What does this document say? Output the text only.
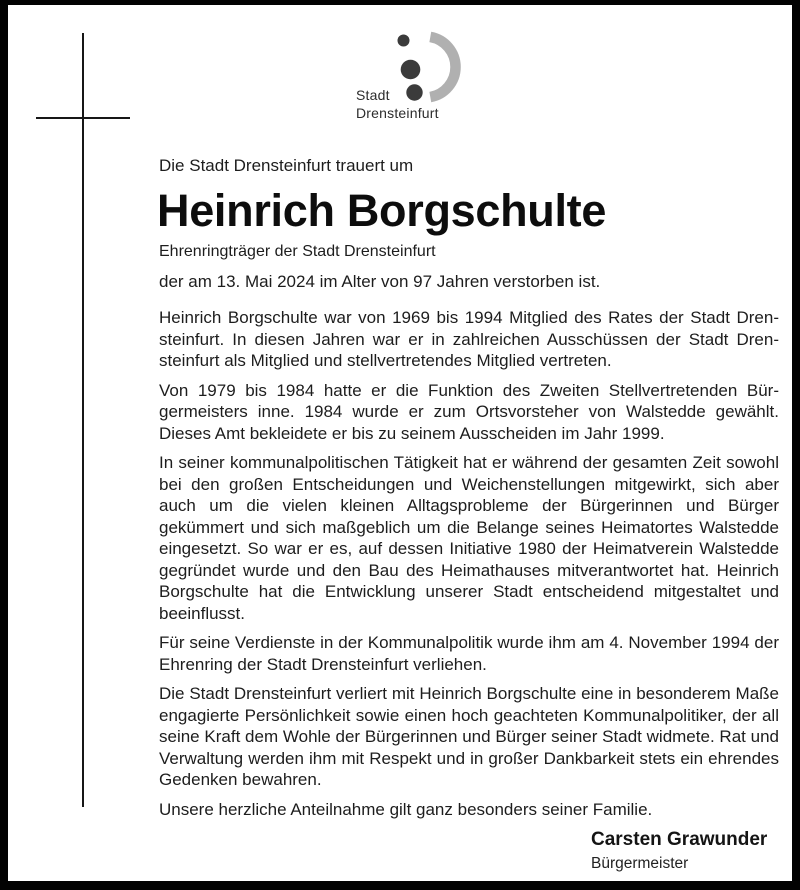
Stadt
Drensteinfurt
Die Stadt Drensteinfurt trauert um
Heinrich Borgschulte
Ehrenringträger der Stadt Drensteinfurt
der am 13. Mai 2024 im Alter von 97 Jahren verstorben ist.

Heinrich Borgschulte war von 1969 bis 1994 Mitglied des Rates der Stadt Drensteinfurt. In diesen Jahren war er in zahlreichen Ausschüssen der Stadt Drensteinfurt als Mitglied und stellvertretendes Mitglied vertreten.

Von 1979 bis 1984 hatte er die Funktion des Zweiten Stellvertretenden Bürgermeisters inne. 1984 wurde er zum Ortsvorsteher von Walstedde gewählt. Dieses Amt bekleidete er bis zu seinem Ausscheiden im Jahr 1999.

In seiner kommunalpolitischen Tätigkeit hat er während der gesamten Zeit sowohl bei den großen Entscheidungen und Weichenstellungen mitgewirkt, sich aber auch um die vielen kleinen Alltagsprobleme der Bürgerinnen und Bürger gekümmert und sich maßgeblich um die Belange seines Heimatortes Walstedde eingesetzt. So war er es, auf dessen Initiative 1980 der Heimatverein Walstedde gegründet wurde und den Bau des Heimathauses mitverantwortet hat. Heinrich Borgschulte hat die Entwicklung unserer Stadt entscheidend mitgestaltet und beeinflusst.

Für seine Verdienste in der Kommunalpolitik wurde ihm am 4. November 1994 der Ehrenring der Stadt Drensteinfurt verliehen.

Die Stadt Drensteinfurt verliert mit Heinrich Borgschulte eine in besonderem Maße engagierte Persönlichkeit sowie einen hoch geachteten Kommunalpolitiker, der all seine Kraft dem Wohle der Bürgerinnen und Bürger seiner Stadt widmete. Rat und Verwaltung werden ihm mit Respekt und in großer Dankbarkeit stets ein ehrendes Gedenken bewahren.

Unsere herzliche Anteilnahme gilt ganz besonders seiner Familie.

Carsten Grawunder
Bürgermeister
